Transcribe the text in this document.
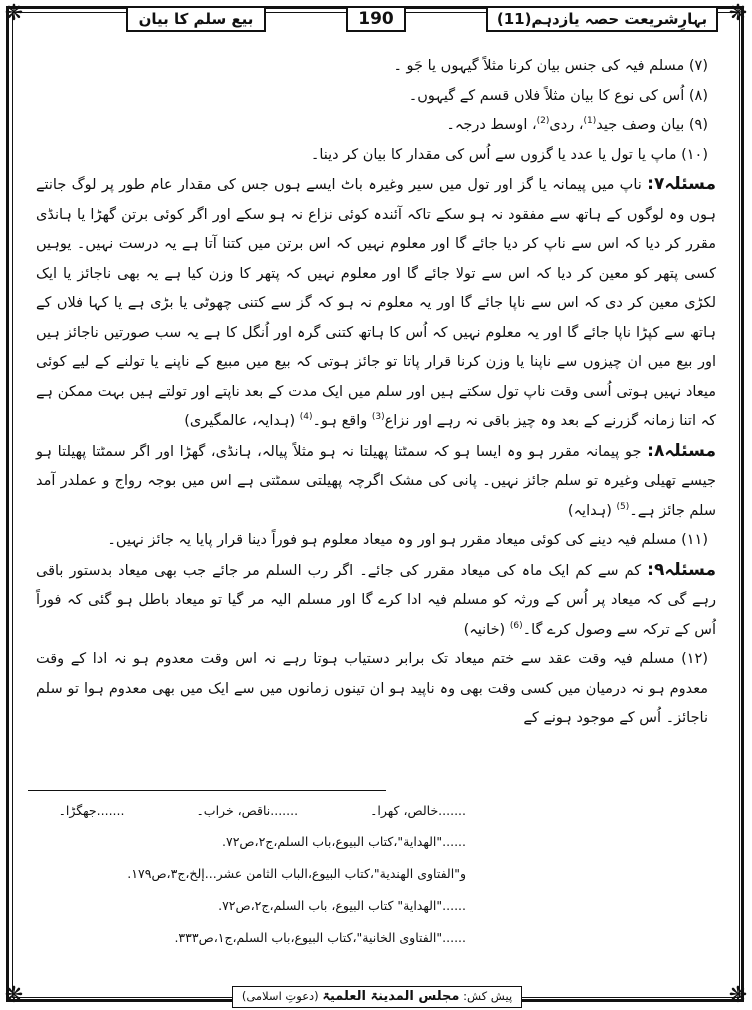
❋	❋
❋	❋
بہارِشریعت حصہ یازدہم(11)
190
بیع سلم کا بیان

(۷) مسلم فیہ کی جنس بیان کرنا مثلاً گیہوں یا جَو ۔

(۸) اُس کی نوع کا بیان مثلاً فلاں قسم کے گیہوں۔

(۹) بیان وصف جید$^{(1)}$، ردی$^{(2)}$، اوسط درجہ۔

(۱۰) ماپ یا تول یا عدد یا گزوں سے اُس کی مقدار کا بیان کر دینا۔

مسئلہ۷: ناپ میں پیمانہ یا گز اور تول میں سیر وغیرہ باٹ ایسے ہوں جس کی مقدار عام طور پر لوگ جانتے ہوں وہ لوگوں کے ہاتھ سے مفقود نہ ہو سکے تاکہ آئندہ کوئی نزاع نہ ہو سکے اور اگر کوئی برتن گھڑا یا ہانڈی مقرر کر دیا کہ اس سے ناپ کر دیا جائے گا اور معلوم نہیں کہ اس برتن میں کتنا آتا ہے یہ درست نہیں۔ یوہیں کسی پتھر کو معین کر دیا کہ اس سے تولا جائے گا اور معلوم نہیں کہ پتھر کا وزن کیا ہے یہ بھی ناجائز یا ایک لکڑی معین کر دی کہ اس سے ناپا جائے گا اور یہ معلوم نہ ہو کہ گز سے کتنی چھوٹی یا بڑی ہے یا کہا فلاں کے ہاتھ سے کپڑا ناپا جائے گا اور یہ معلوم نہیں کہ اُس کا ہاتھ کتنی گرہ اور اُنگل کا ہے یہ سب صورتیں ناجائز ہیں اور بیع میں ان چیزوں سے ناپنا یا وزن کرنا قرار پاتا تو جائز ہوتی کہ بیع میں مبیع کے ناپنے یا تولنے کے لیے کوئی میعاد نہیں ہوتی اُسی وقت ناپ تول سکتے ہیں اور سلم میں ایک مدت کے بعد ناپتے اور تولتے ہیں بہت ممکن ہے کہ اتنا زمانہ گزرنے کے بعد وہ چیز باقی نہ رہے اور نزاع$^{(3)}$ واقع ہو۔$^{(4)}$ (ہدایہ، عالمگیری)

مسئلہ۸: جو پیمانہ مقرر ہو وہ ایسا ہو کہ سمٹتا پھیلتا نہ ہو مثلاً پیالہ، ہانڈی، گھڑا اور اگر سمٹتا پھیلتا ہو جیسے تھیلی وغیرہ تو سلم جائز نہیں۔ پانی کی مشک اگرچہ پھیلتی سمٹتی ہے اس میں بوجہ رواج و عملدر آمد سلم جائز ہے۔$^{(5)}$ (ہدایہ)

(۱۱) مسلم فیہ دینے کی کوئی میعاد مقرر ہو اور وہ میعاد معلوم ہو فوراً دینا قرار پایا یہ جائز نہیں۔

مسئلہ۹: کم سے کم ایک ماہ کی میعاد مقرر کی جائے۔ اگر رب السلم مر جائے جب بھی میعاد بدستور باقی رہے گی کہ میعاد پر اُس کے ورثہ کو مسلم فیہ ادا کرے گا اور مسلم الیہ مر گیا تو میعاد باطل ہو گئی کہ فوراً اُس کے ترکہ سے وصول کرے گا۔$^{(6)}$ (خانیہ)

(۱۲) مسلم فیہ وقت عقد سے ختم میعاد تک برابر دستیاب ہوتا رہے نہ اس وقت معدوم ہو نہ ادا کے وقت معدوم ہو نہ درمیان میں کسی وقت بھی وہ ناپید ہو ان تینوں زمانوں میں سے ایک میں بھی معدوم ہوا تو سلم ناجائز۔ اُس کے موجود ہونے کے

.......خالص، کھرا۔
.......ناقص، خراب۔
.......جھگڑا۔
......"الهداية"،كتاب البيوع،باب السلم،ج٢،ص٧٢.
و"الفتاوى الهندية"،كتاب البيوع،الباب الثامن عشر...إلخ،ج٣،ص١٧٩.
......"الهداية" كتاب البيوع، باب السلم،ج٢،ص٧٢.
......"الفتاوى الخانية"،كتاب البيوع،باب السلم،ج١،ص٣٣٣.
پیش کش: مجلس المدینۃ العلمیۃ (دعوتِ اسلامی)
